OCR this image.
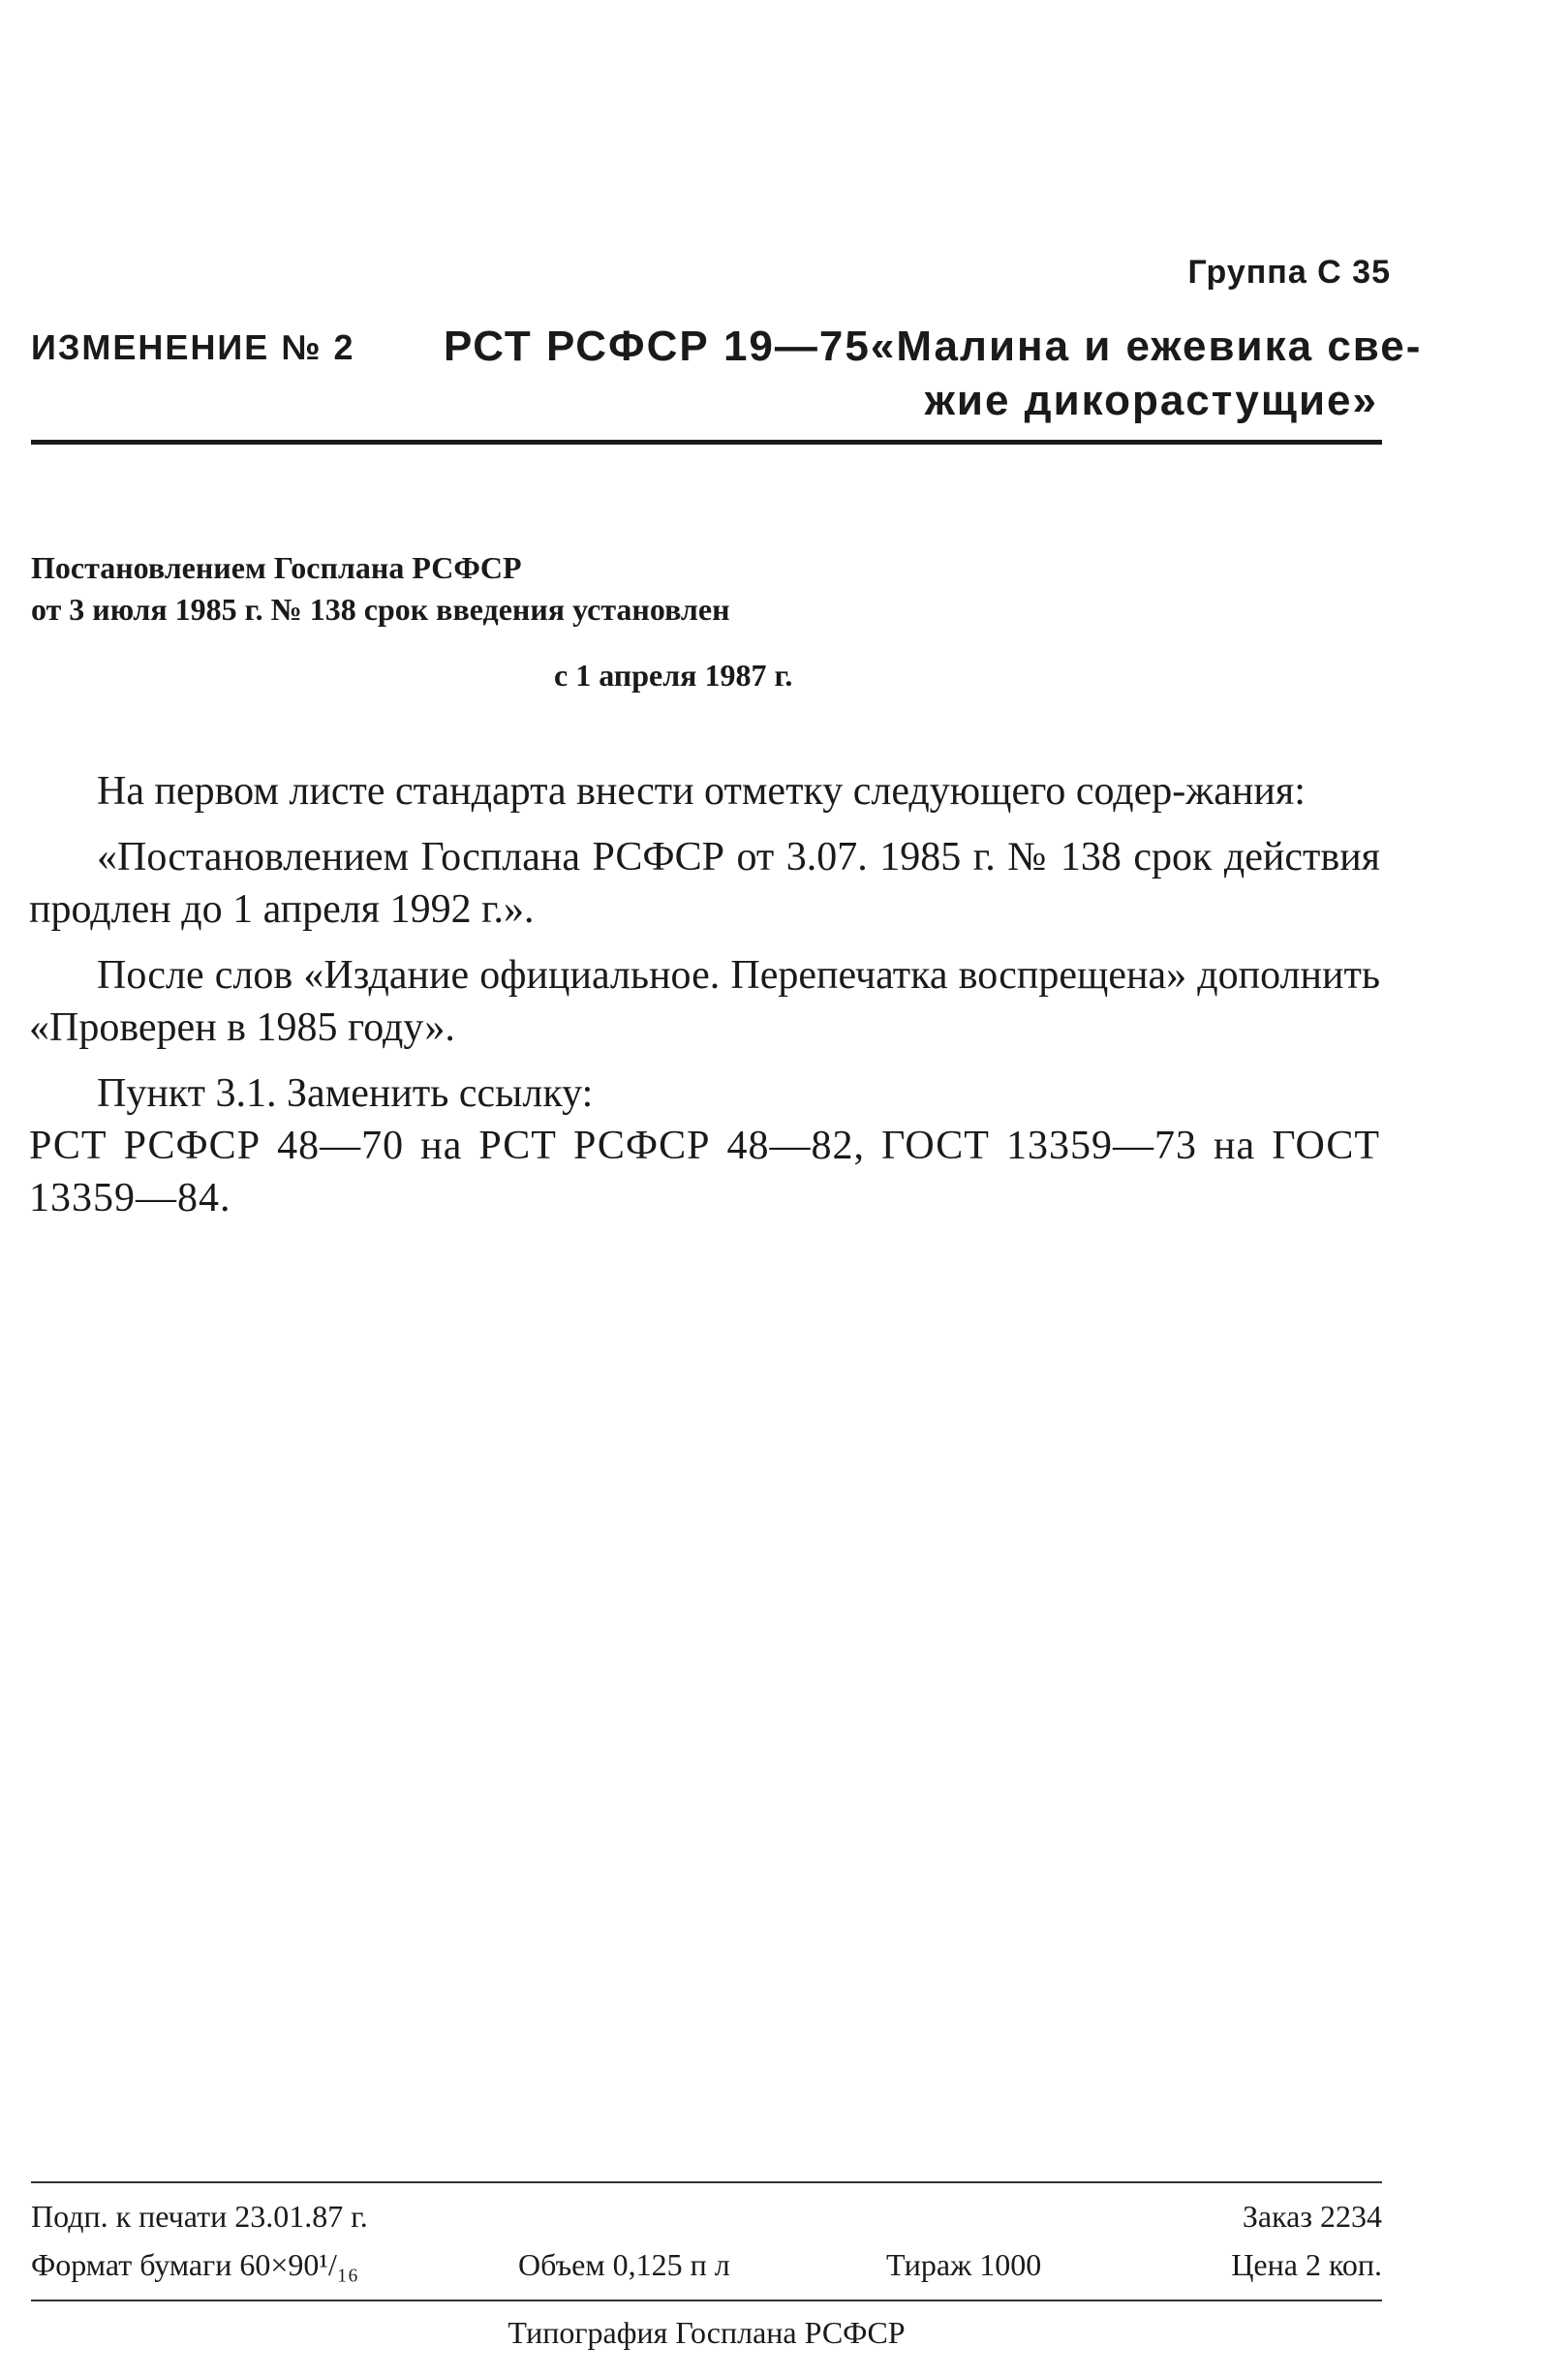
Группа С 35
ИЗМЕНЕНИЕ № 2 РСТ РСФСР 19—75 «Малина и ежевика све-
жие дикорастущие»
Постановлением Госплана РСФСР
от 3 июля 1985 г. № 138 срок введения установлен
с 1 апреля 1987 г.

На первом листе стандарта внести отметку следующего содер-жания:

«Постановлением Госплана РСФСР от 3.07. 1985 г. № 138 срок действия продлен до 1 апреля 1992 г.».

После слов «Издание официальное. Перепечатка воспрещена» дополнить «Проверен в 1985 году».

Пункт 3.1. Заменить ссылку:

РСТ РСФСР 48—70 на РСТ РСФСР 48—82, ГОСТ 13359—73 на ГОСТ 13359—84.

Подп. к печати 23.01.87 г.	Заказ 2234
Формат бумаги 60×90¹/₁₆	Объем 0,125 п л	Тираж 1000	Цена 2 коп.
Типография Госплана РСФСР
